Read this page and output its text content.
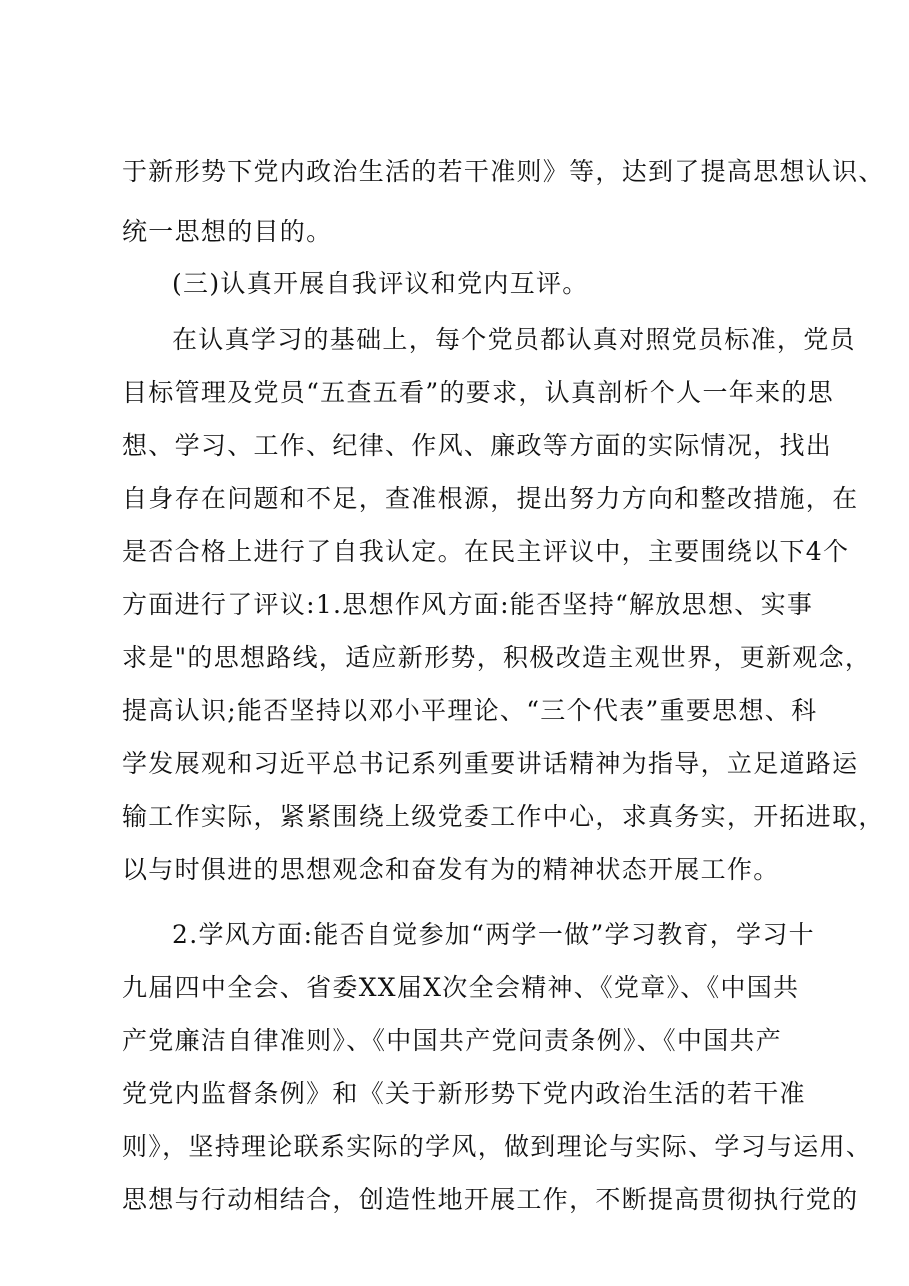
于新形势下党内政治生活的若干准则》等，达到了提高思想认识、
统一思想的目的。
(三)认真开展自我评议和党内互评。
在认真学习的基础上，每个党员都认真对照党员标准，党员
目标管理及党员“五查五看”的要求，认真剖析个人一年来的思
想、学习、工作、纪律、作风、廉政等方面的实际情况，找出
自身存在问题和不足，查准根源，提出努力方向和整改措施，在
是否合格上进行了自我认定。在民主评议中，主要围绕以下4个
方面进行了评议:1.思想作风方面:能否坚持“解放思想、实事
求是"的思想路线，适应新形势，积极改造主观世界，更新观念，
提高认识;能否坚持以邓小平理论、“三个代表”重要思想、科
学发展观和习近平总书记系列重要讲话精神为指导，立足道路运
输工作实际，紧紧围绕上级党委工作中心，求真务实，开拓进取，
以与时俱进的思想观念和奋发有为的精神状态开展工作。
2.学风方面:能否自觉参加“两学一做”学习教育，学习十
九届四中全会、省委XX届X次全会精神、《党章》、《中国共
产党廉洁自律准则》、《中国共产党问责条例》、《中国共产
党党内监督条例》和《关于新形势下党内政治生活的若干准
则》，坚持理论联系实际的学风，做到理论与实际、学习与运用、
思想与行动相结合，创造性地开展工作，不断提高贯彻执行党的
